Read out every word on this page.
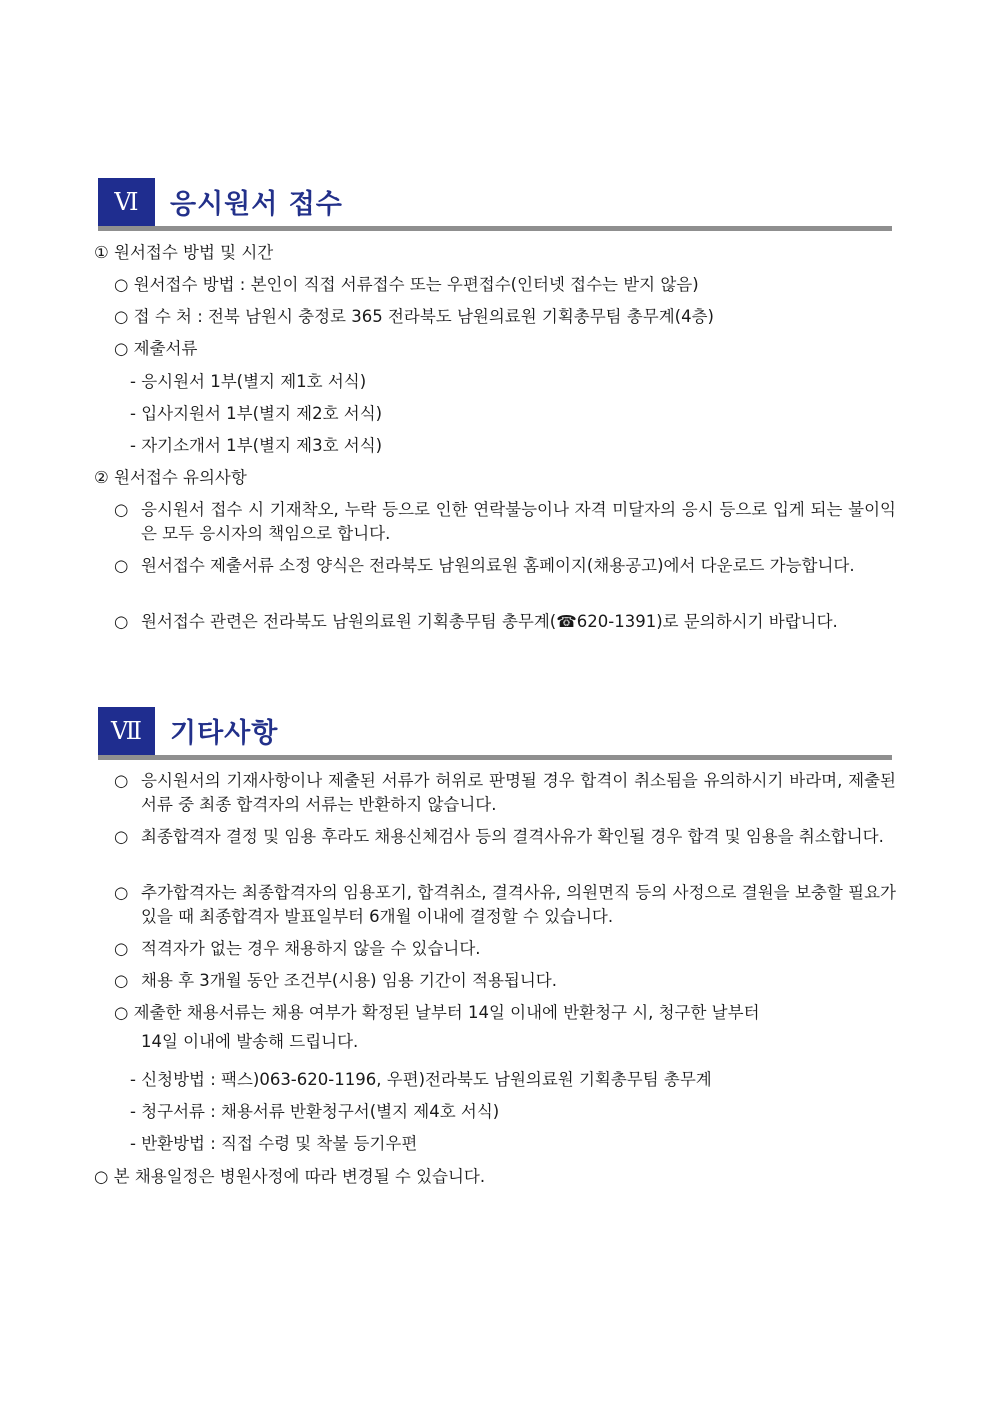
Ⅵ	응시원서 접수
① 원서접수 방법 및 시간
○ 원서접수 방법 : 본인이 직접 서류접수 또는 우편접수(인터넷 접수는 받지 않음)
○ 접 수 처 : 전북 남원시 충정로 365 전라북도 남원의료원 기획총무팀 총무계(4층)
○ 제출서류
- 응시원서 1부(별지 제1호 서식)
- 입사지원서 1부(별지 제2호 서식)
- 자기소개서 1부(별지 제3호 서식)
② 원서접수 유의사항
○ 응시원서 접수 시 기재착오, 누락 등으로 인한 연락불능이나 자격 미달자의 응시 등으로 입게 되는 불이익은 모두 응시자의 책임으로 합니다.
○ 원서접수 제출서류 소정 양식은 전라북도 남원의료원 홈페이지(채용공고)에서 다운로드 가능합니다.
○ 원서접수 관련은 전라북도 남원의료원 기획총무팀 총무계(☎620-1391)로 문의하시기 바랍니다.
Ⅶ	기타사항
○ 응시원서의 기재사항이나 제출된 서류가 허위로 판명될 경우 합격이 취소됨을 유의하시기 바라며, 제출된 서류 중 최종 합격자의 서류는 반환하지 않습니다.
○ 최종합격자 결정 및 임용 후라도 채용신체검사 등의 결격사유가 확인될 경우 합격 및 임용을 취소합니다.
○ 추가합격자는 최종합격자의 임용포기, 합격취소, 결격사유, 의원면직 등의 사정으로 결원을 보충할 필요가 있을 때 최종합격자 발표일부터 6개월 이내에 결정할 수 있습니다.
○ 적격자가 없는 경우 채용하지 않을 수 있습니다.
○ 채용 후 3개월 동안 조건부(시용) 임용 기간이 적용됩니다.
○ 제출한 채용서류는 채용 여부가 확정된 날부터 14일 이내에 반환청구 시, 청구한 날부터
14일 이내에 발송해 드립니다.
- 신청방법 : 팩스)063-620-1196, 우편)전라북도 남원의료원 기획총무팀 총무계
- 청구서류 : 채용서류 반환청구서(별지 제4호 서식)
- 반환방법 : 직접 수령 및 착불 등기우편
○ 본 채용일정은 병원사정에 따라 변경될 수 있습니다.
